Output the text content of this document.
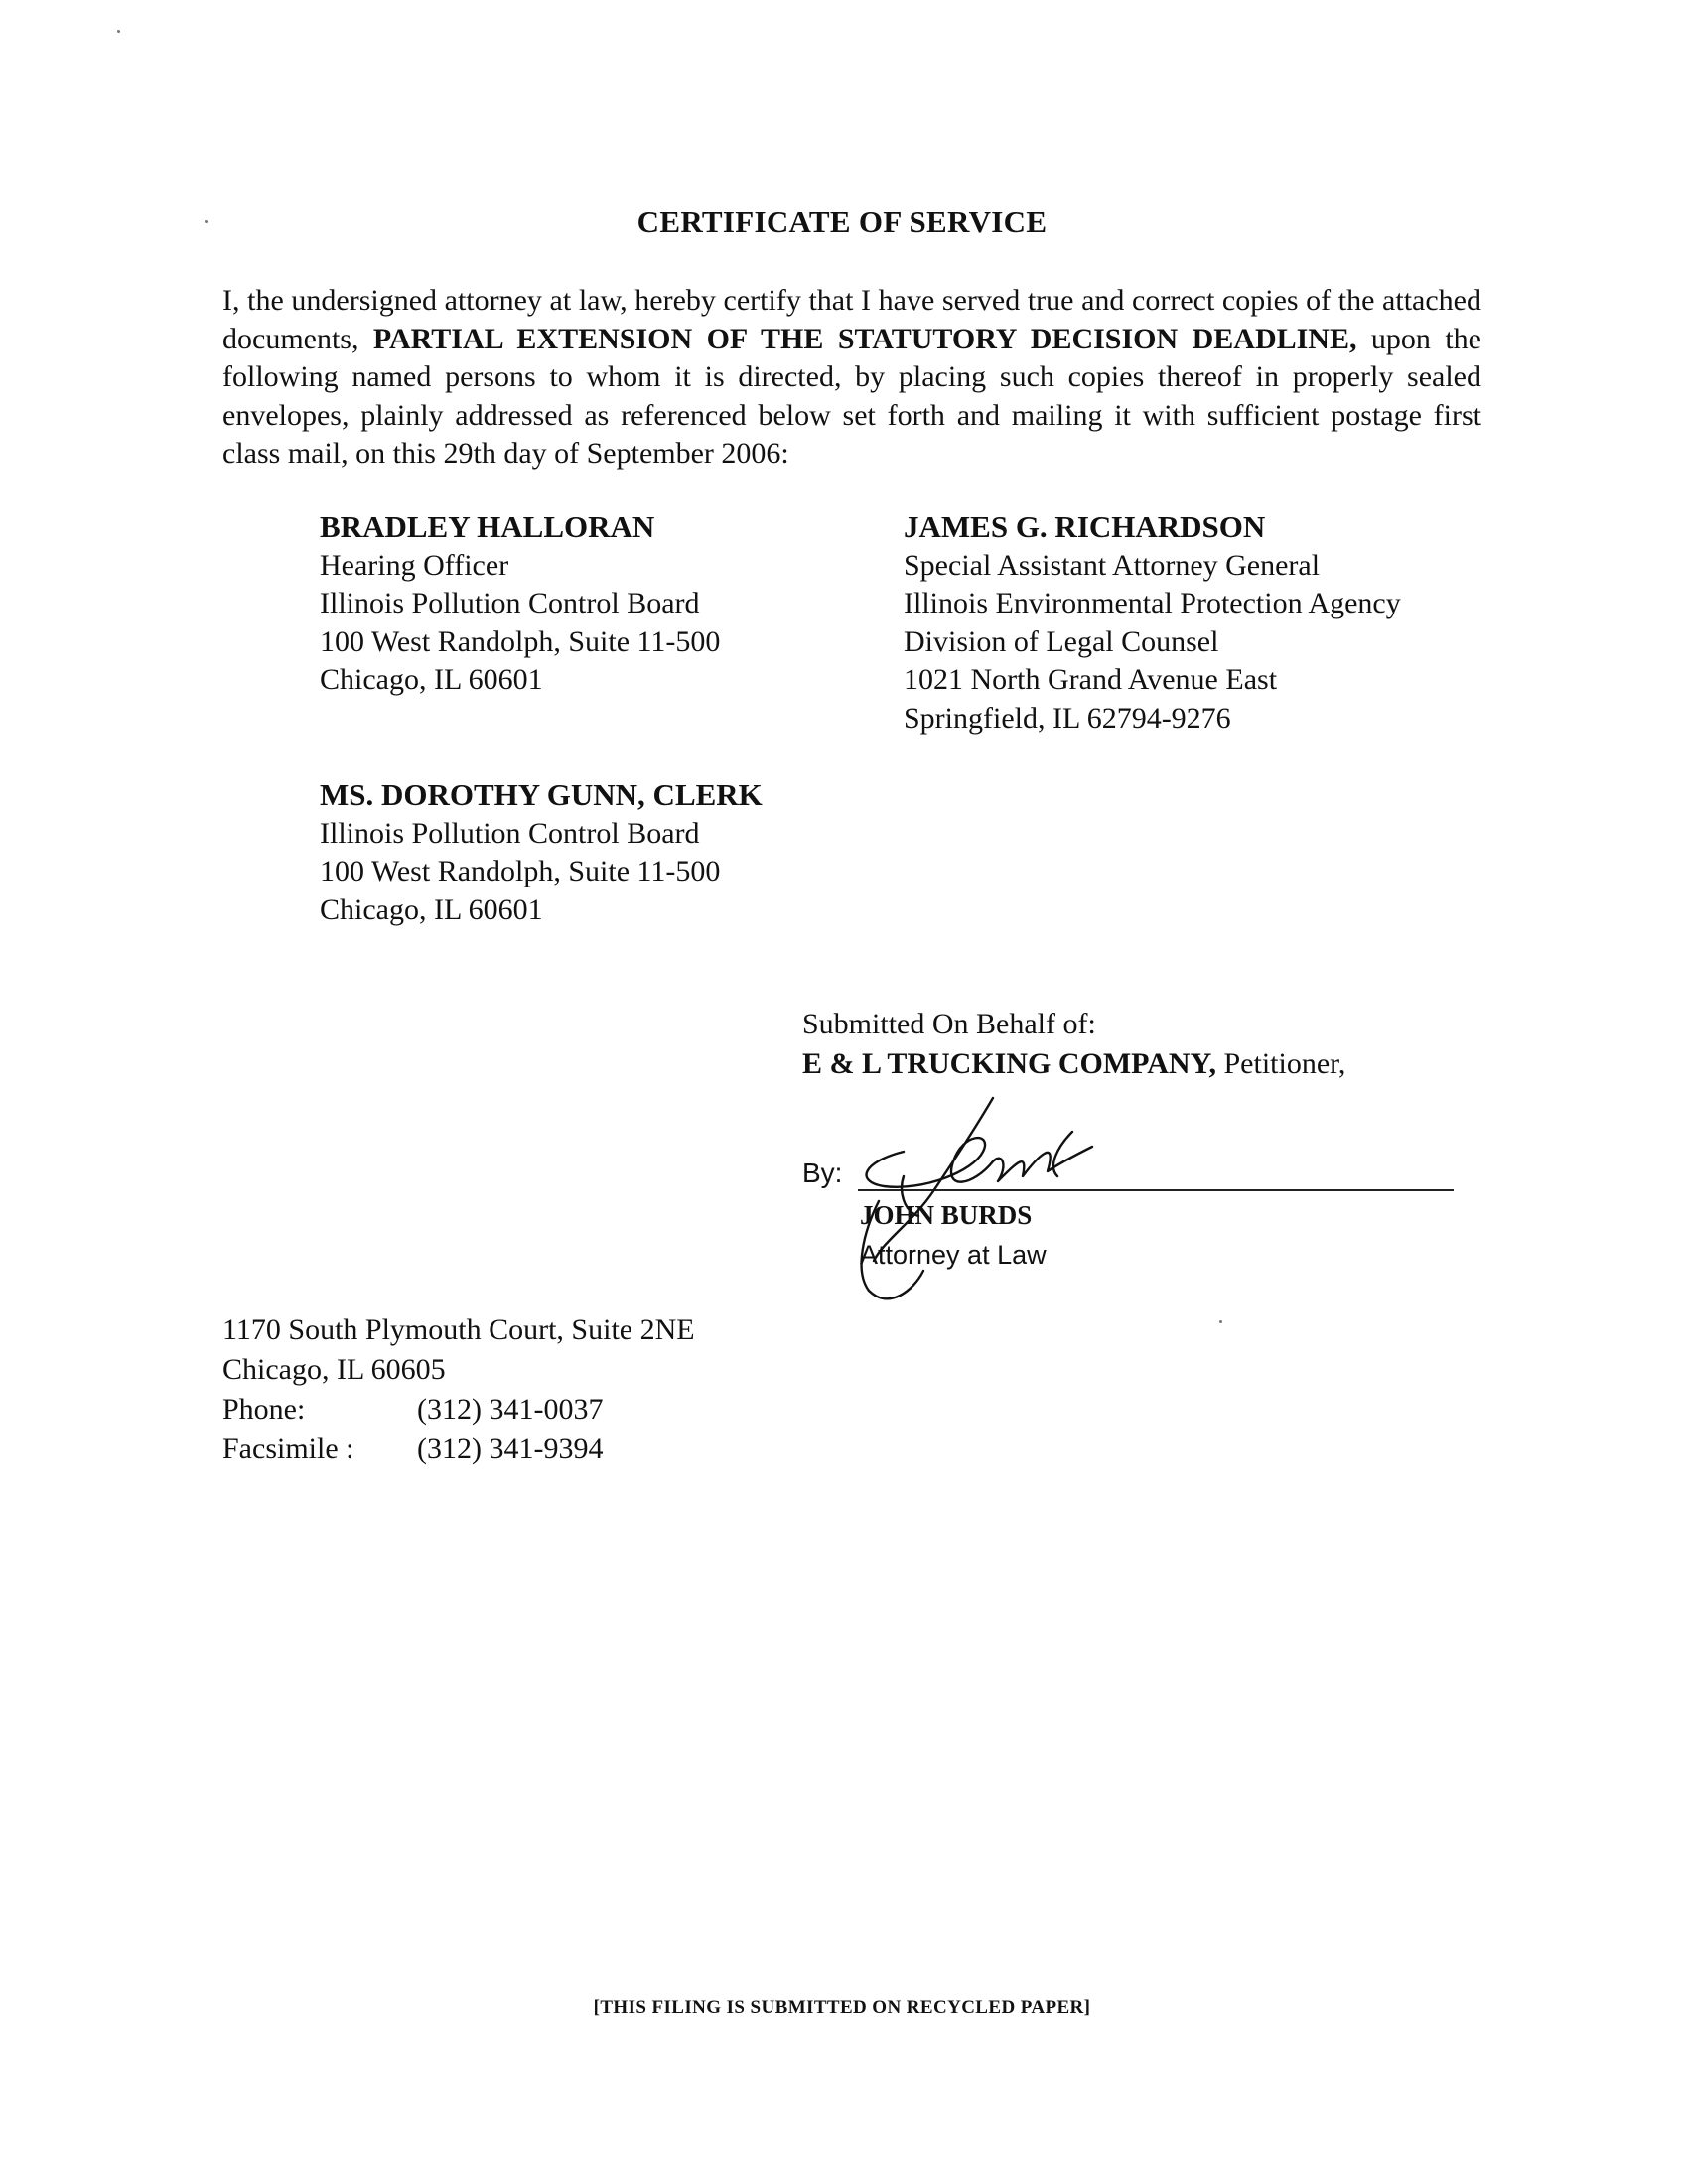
CERTIFICATE OF SERVICE
I, the undersigned attorney at law, hereby certify that I have served true and correct copies of the attached documents, PARTIAL EXTENSION OF THE STATUTORY DECISION DEADLINE, upon the following named persons to whom it is directed, by placing such copies thereof in properly sealed envelopes, plainly addressed as referenced below set forth and mailing it with sufficient postage first class mail, on this 29th day of September 2006:
BRADLEY HALLORAN
Hearing Officer
Illinois Pollution Control Board
100 West Randolph, Suite 11-500
Chicago, IL 60601
JAMES G. RICHARDSON
Special Assistant Attorney General
Illinois Environmental Protection Agency
Division of Legal Counsel
1021 North Grand Avenue East
Springfield, IL 62794-9276
MS. DOROTHY GUNN, CLERK
Illinois Pollution Control Board
100 West Randolph, Suite 11-500
Chicago, IL 60601
Submitted On Behalf of:
E & L TRUCKING COMPANY, Petitioner,
By:
JOHN BURDS
Attorney at Law
1170 South Plymouth Court, Suite 2NE
Chicago, IL 60605
Phone:	(312) 341-0037
Facsimile : (312) 341-9394
[THIS FILING IS SUBMITTED ON RECYCLED PAPER]
